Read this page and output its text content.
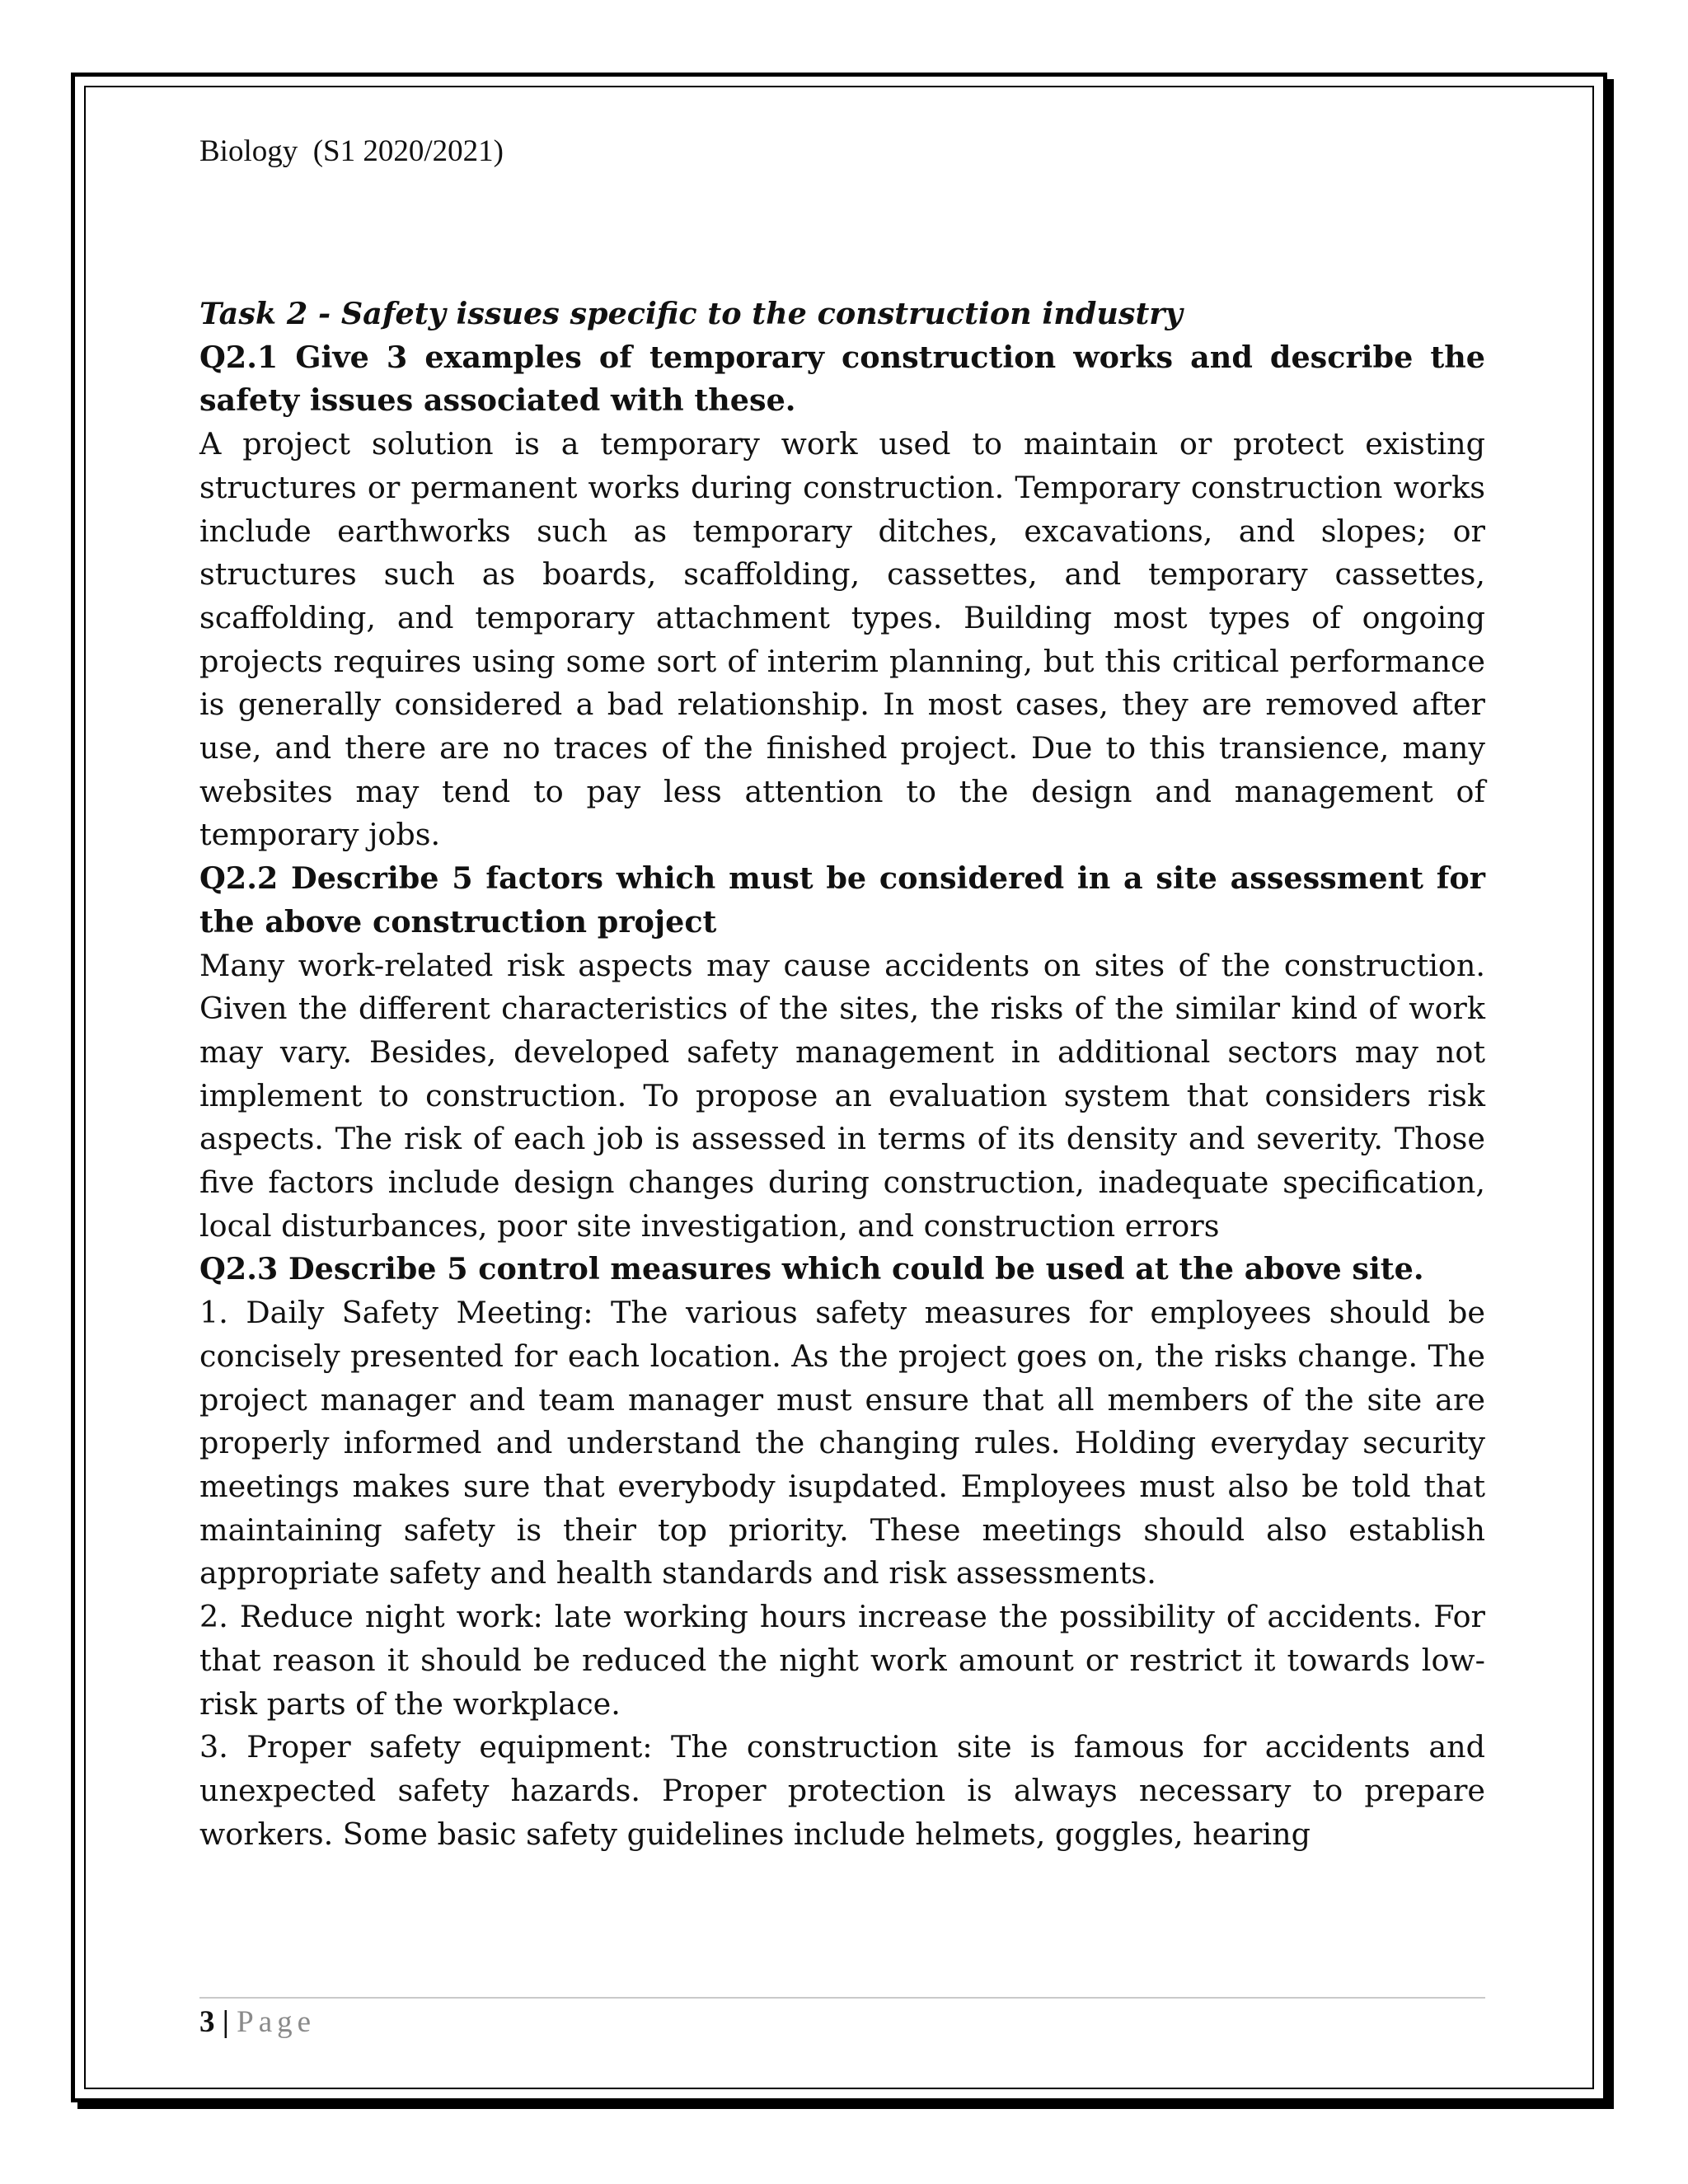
Biology  (S1 2020/2021)

Task 2 - Safety issues specific to the construction industry

Q2.1 Give 3 examples of temporary construction works and describe the safety issues associated with these.

A project solution is a temporary work used to maintain or protect existing structures or permanent works during construction. Temporary construction works include earthworks such as temporary ditches, excavations, and slopes; or structures such as boards, scaffolding, cassettes, and temporary cassettes, scaffolding, and temporary attachment types. Building most types of ongoing projects requires using some sort of interim planning, but this critical performance is generally considered a bad relationship. In most cases, they are removed after use, and there are no traces of the finished project. Due to this transience, many websites may tend to pay less attention to the design and management of temporary jobs.

Q2.2 Describe 5 factors which must be considered in a site assessment for the above construction project

Many work-related risk aspects may cause accidents on sites of the construction. Given the different characteristics of the sites, the risks of the similar kind of work may vary. Besides, developed safety management in additional sectors may not implement to construction. To propose an evaluation system that considers risk aspects. The risk of each job is assessed in terms of its density and severity. Those five factors include design changes during construction, inadequate specification, local disturbances, poor site investigation, and construction errors

Q2.3 Describe 5 control measures which could be used at the above site.

1. Daily Safety Meeting: The various safety measures for employees should be concisely presented for each location. As the project goes on, the risks change. The project manager and team manager must ensure that all members of the site are properly informed and understand the changing rules. Holding everyday security meetings makes sure that everybody isupdated. Employees must also be told that maintaining safety is their top priority. These meetings should also establish appropriate safety and health standards and risk assessments.

2. Reduce night work: late working hours increase the possibility of accidents. For that reason it should be reduced the night work amount or restrict it towards low-risk parts of the workplace.

3. Proper safety equipment: The construction site is famous for accidents and unexpected safety hazards. Proper protection is always necessary to prepare workers. Some basic safety guidelines include helmets, goggles, hearing

3 | Page
